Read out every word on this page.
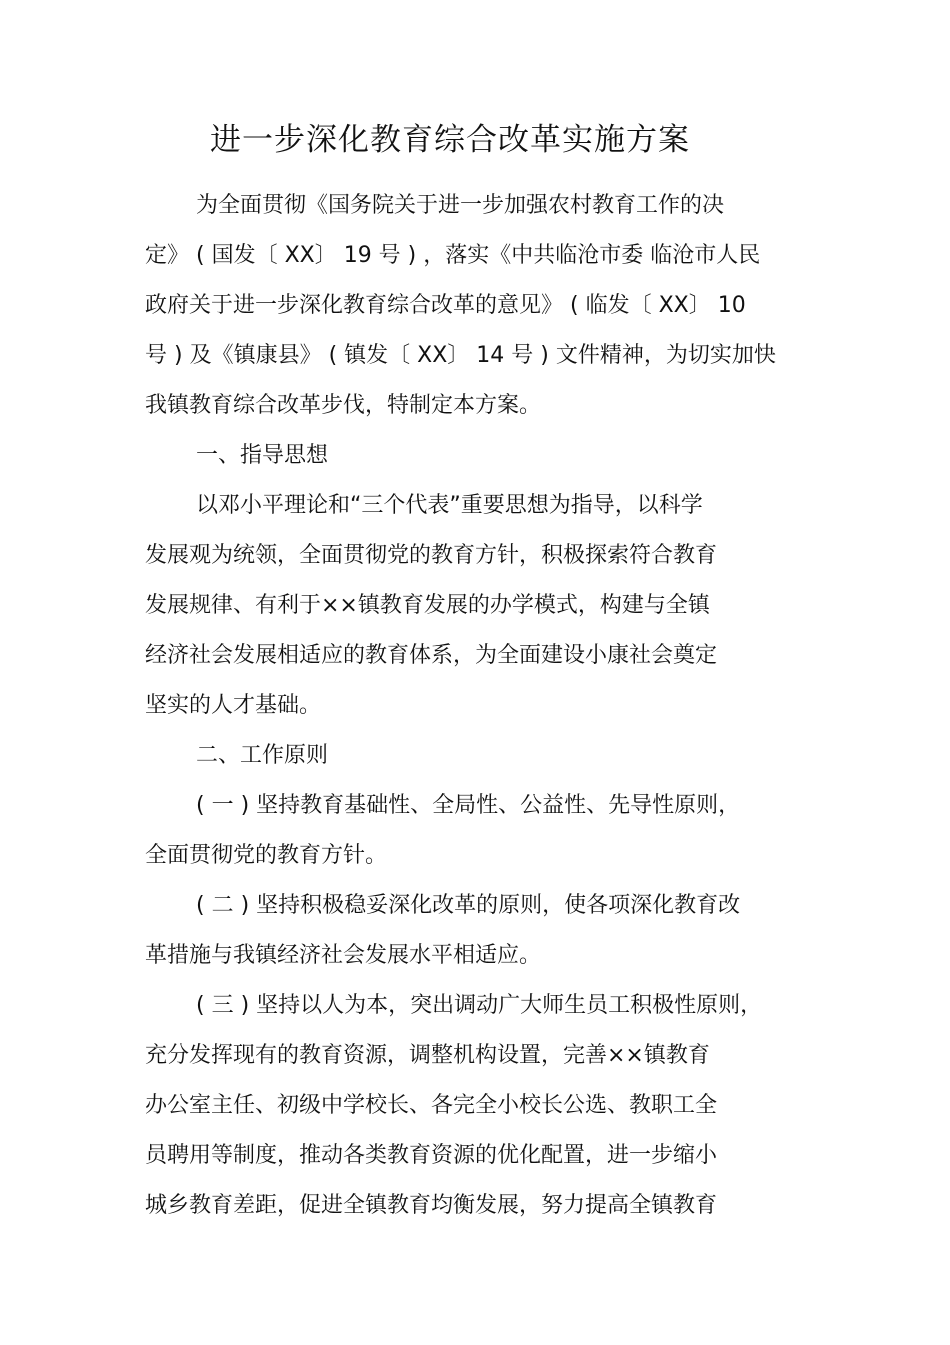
进一步深化教育综合改革实施方案
为全面贯彻《国务院关于进一步加强农村教育工作的决
定》 ( 国发〔 XX〕 19 号 ) ，落实《中共临沧市委 临沧市人民
政府关于进一步深化教育综合改革的意见》 ( 临发〔 XX〕 10
号 ) 及《镇康县》 ( 镇发〔 XX〕 14 号 ) 文件精神，为切实加快
我镇教育综合改革步伐，特制定本方案。
一、指导思想
以邓小平理论和“三个代表”重要思想为指导，以科学
发展观为统领，全面贯彻党的教育方针，积极探索符合教育
发展规律、有利于××镇教育发展的办学模式，构建与全镇
经济社会发展相适应的教育体系，为全面建设小康社会奠定
坚实的人才基础。
二、工作原则
( 一 ) 坚持教育基础性、全局性、公益性、先导性原则，
全面贯彻党的教育方针。
( 二 ) 坚持积极稳妥深化改革的原则，使各项深化教育改
革措施与我镇经济社会发展水平相适应。
( 三 ) 坚持以人为本，突出调动广大师生员工积极性原则，
充分发挥现有的教育资源，调整机构设置，完善××镇教育
办公室主任、初级中学校长、各完全小校长公选、教职工全
员聘用等制度，推动各类教育资源的优化配置，进一步缩小
城乡教育差距，促进全镇教育均衡发展，努力提高全镇教育
